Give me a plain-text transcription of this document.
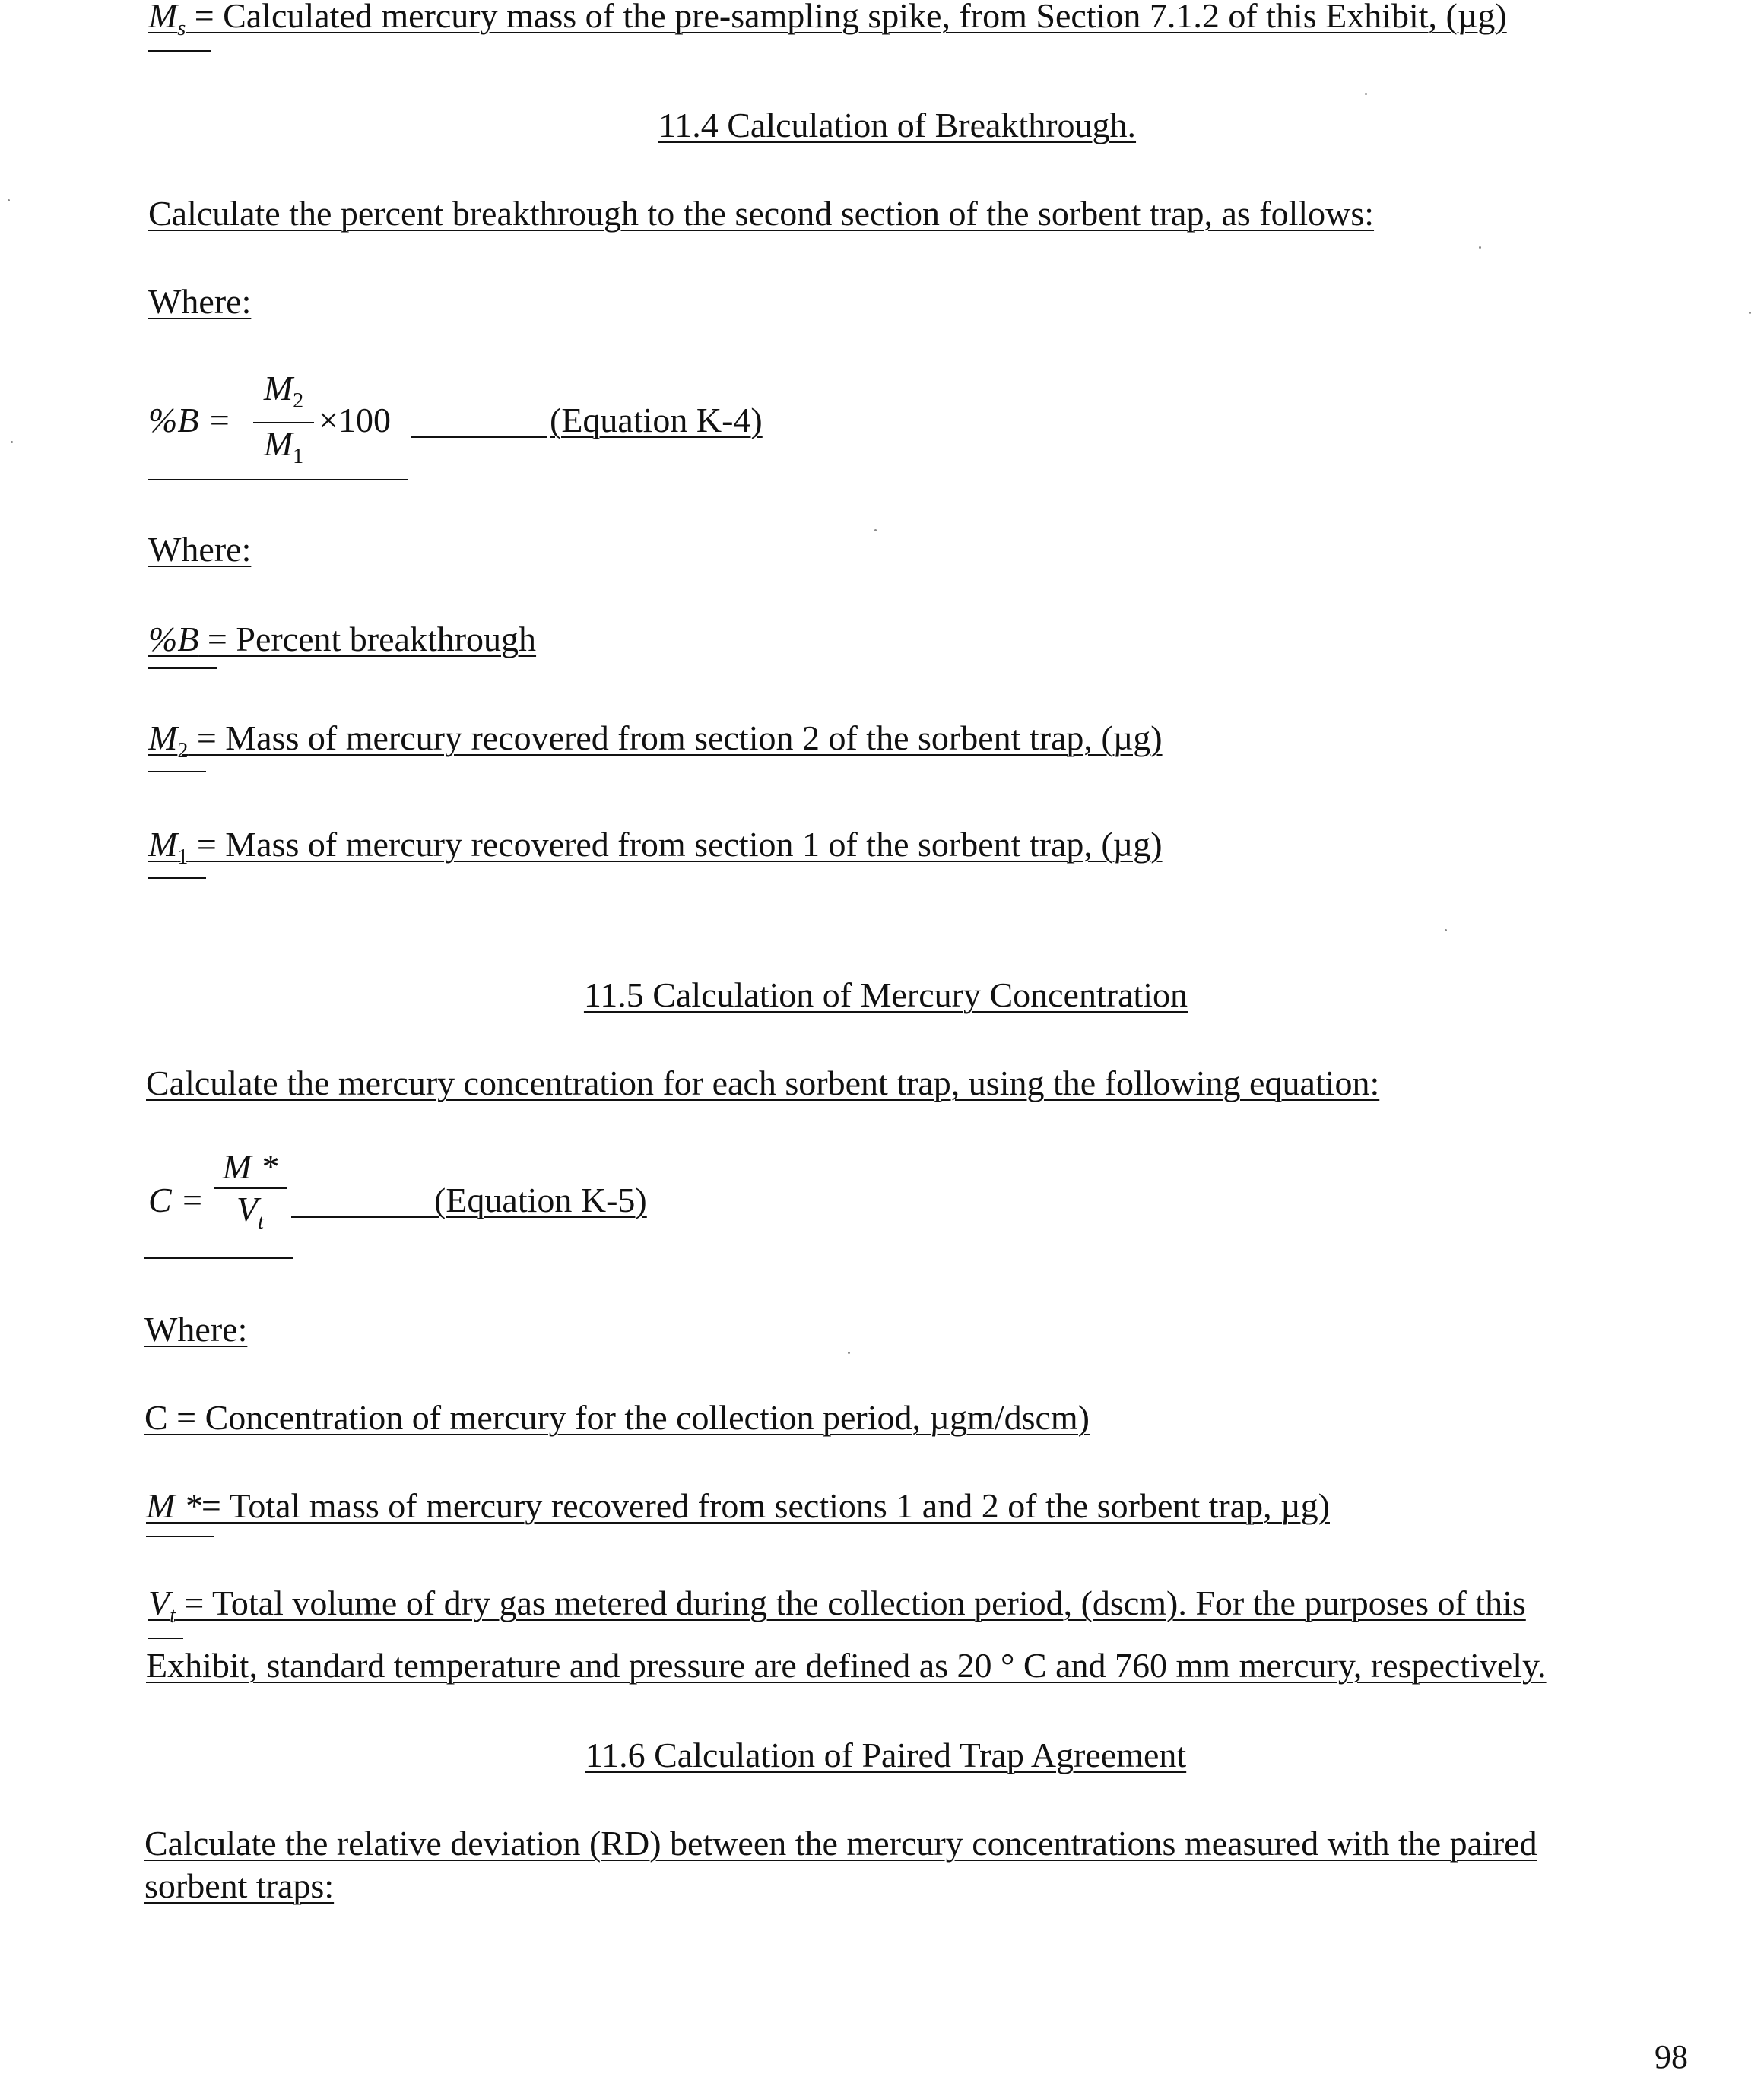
$M_s$ = Calculated mercury mass of the pre-sampling spike, from Section 7.1.2 of this Exhibit, (µg)
11.4 Calculation of Breakthrough.
Calculate the percent breakthrough to the second section of the sorbent trap, as follows:
Where:
%B =
$M_2$
$M_1$
×100	(Equation K-4)
Where:
%B = Percent breakthrough
$M_2$ = Mass of mercury recovered from section 2 of the sorbent trap, (µg)
$M_1$ = Mass of mercury recovered from section 1 of the sorbent trap, (µg)
11.5 Calculation of Mercury Concentration
Calculate the mercury concentration for each sorbent trap, using the following equation:
C =
M *
$V_t$
(Equation K-5)
Where:
C = Concentration of mercury for the collection period, µgm/dscm)
M *= Total mass of mercury recovered from sections 1 and 2 of the sorbent trap, µg)
$V_t$ = Total volume of dry gas metered during the collection period, (dscm). For the purposes of this
Exhibit, standard temperature and pressure are defined as 20 ° C and 760 mm mercury, respectively.
11.6 Calculation of Paired Trap Agreement
Calculate the relative deviation (RD) between the mercury concentrations measured with the paired
sorbent traps:
98
